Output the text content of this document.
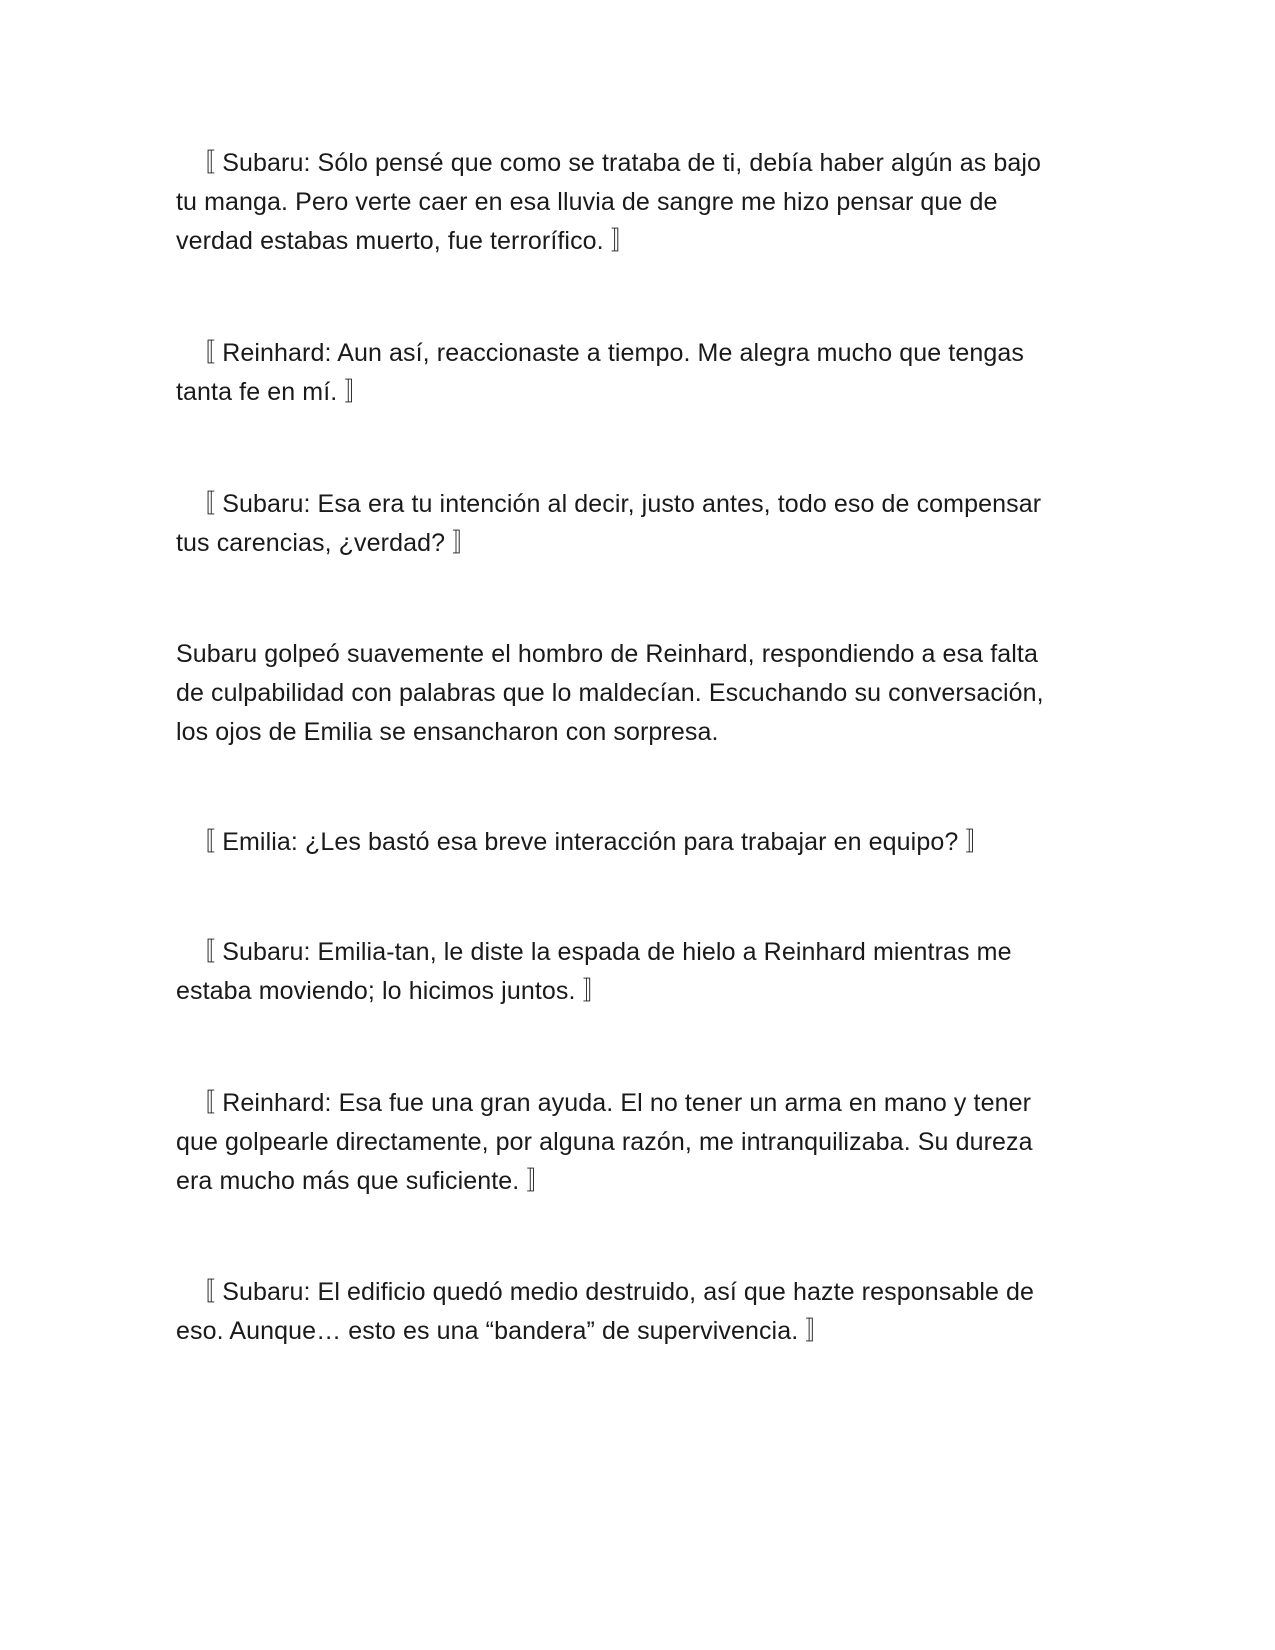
〚 Subaru: Sólo pensé que como se trataba de ti, debía haber algún as bajo
tu manga. Pero verte caer en esa lluvia de sangre me hizo pensar que de
verdad estabas muerto, fue terrorífico. 〛

〚 Reinhard: Aun así, reaccionaste a tiempo. Me alegra mucho que tengas
tanta fe en mí. 〛

〚 Subaru: Esa era tu intención al decir, justo antes, todo eso de compensar
tus carencias, ¿verdad? 〛

Subaru golpeó suavemente el hombro de Reinhard, respondiendo a esa falta
de culpabilidad con palabras que lo maldecían. Escuchando su conversación,
los ojos de Emilia se ensancharon con sorpresa.

〚 Emilia: ¿Les bastó esa breve interacción para trabajar en equipo? 〛

〚 Subaru: Emilia-tan, le diste la espada de hielo a Reinhard mientras me
estaba moviendo; lo hicimos juntos. 〛

〚 Reinhard: Esa fue una gran ayuda. El no tener un arma en mano y tener
que golpearle directamente, por alguna razón, me intranquilizaba. Su dureza
era mucho más que suficiente. 〛

〚 Subaru: El edificio quedó medio destruido, así que hazte responsable de
eso. Aunque… esto es una “bandera” de supervivencia. 〛
